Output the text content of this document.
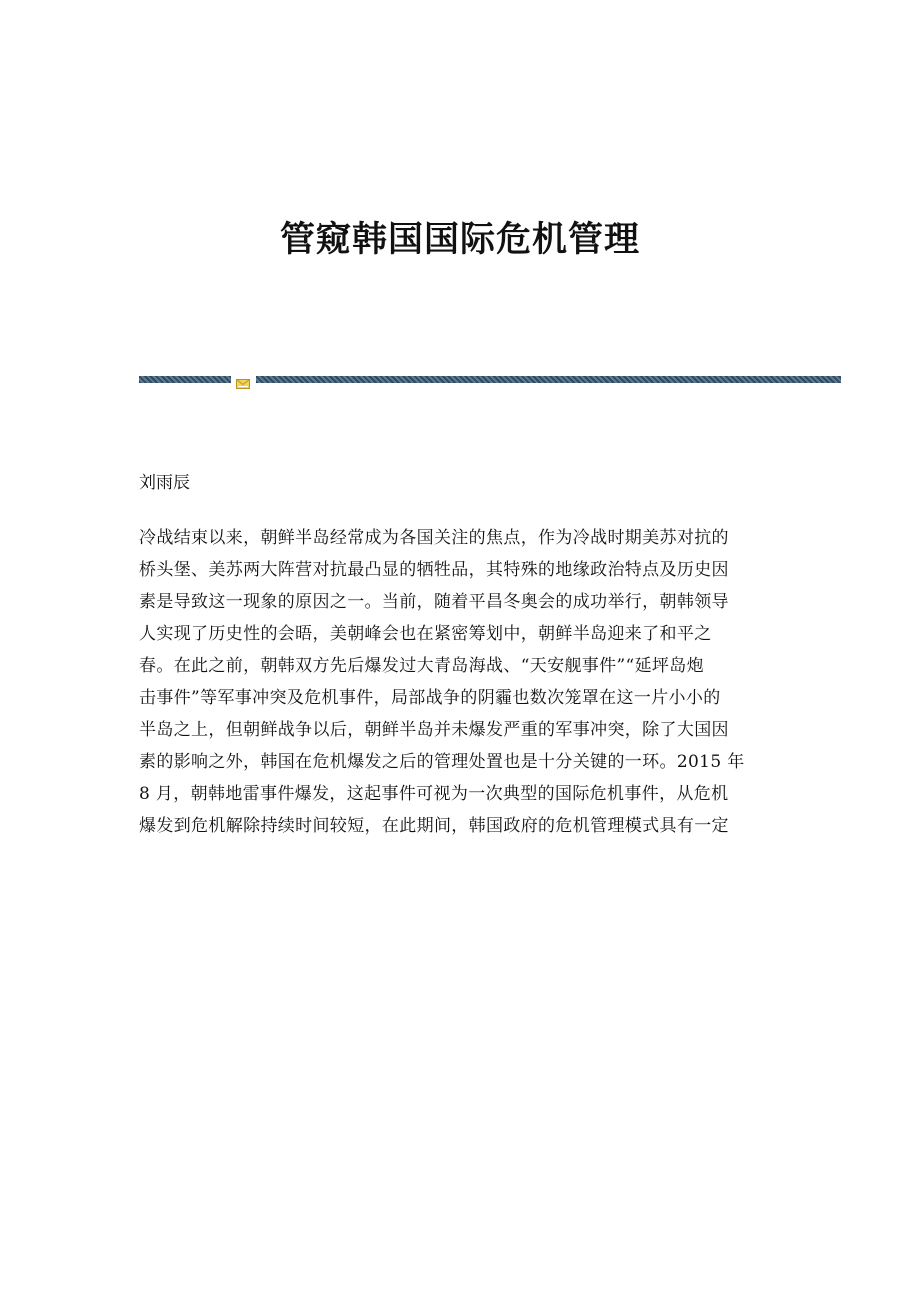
管窥韩国国际危机管理

刘雨辰

冷战结束以来，朝鲜半岛经常成为各国关注的焦点，作为冷战时期美苏对抗的
桥头堡、美苏两大阵营对抗最凸显的牺牲品，其特殊的地缘政治特点及历史因
素是导致这一现象的原因之一。当前，随着平昌冬奥会的成功举行，朝韩领导
人实现了历史性的会晤，美朝峰会也在紧密筹划中，朝鲜半岛迎来了和平之
春。在此之前，朝韩双方先后爆发过大青岛海战、“天安舰事件”“延坪岛炮
击事件”等军事冲突及危机事件，局部战争的阴霾也数次笼罩在这一片小小的
半岛之上，但朝鲜战争以后，朝鲜半岛并未爆发严重的军事冲突，除了大国因
素的影响之外，韩国在危机爆发之后的管理处置也是十分关键的一环。2015 年
8 月，朝韩地雷事件爆发，这起事件可视为一次典型的国际危机事件，从危机
爆发到危机解除持续时间较短，在此期间，韩国政府的危机管理模式具有一定
